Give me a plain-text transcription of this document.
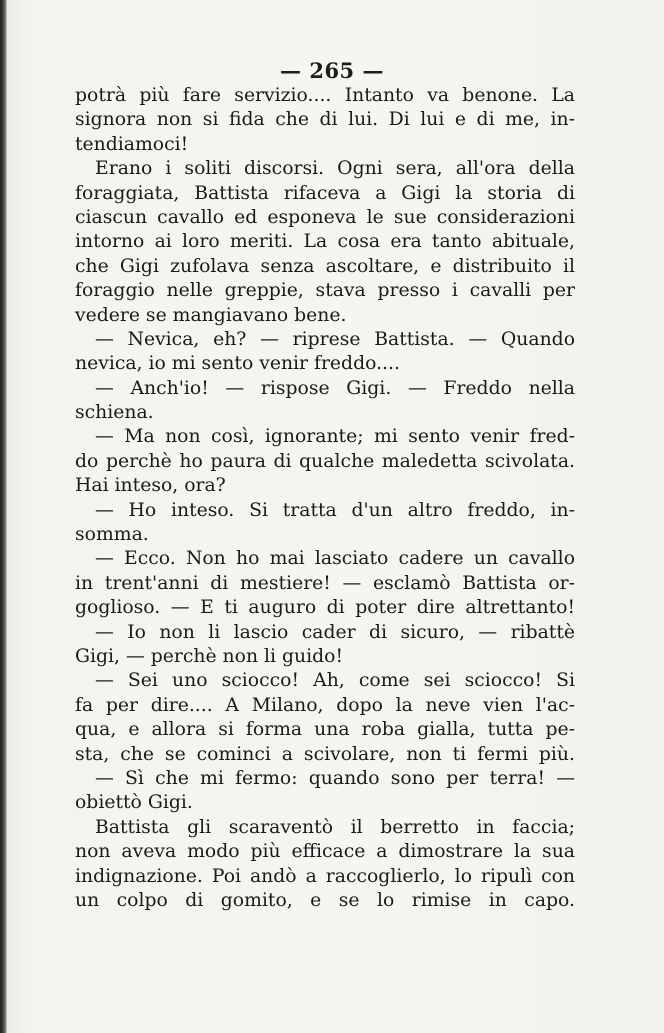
— 265 —
potrà più fare servizio.... Intanto va benone. La
signora non si fida che di lui. Di lui e di me, in-
tendiamoci!
Erano i soliti discorsi. Ogni sera, all'ora della
foraggiata, Battista rifaceva a Gigi la storia di
ciascun cavallo ed esponeva le sue considerazioni
intorno ai loro meriti. La cosa era tanto abituale,
che Gigi zufolava senza ascoltare, e distribuito il
foraggio nelle greppie, stava presso i cavalli per
vedere se mangiavano bene.
— Nevica, eh? — riprese Battista. — Quando
nevica, io mi sento venir freddo....
— Anch'io! — rispose Gigi. — Freddo nella
schiena.
— Ma non così, ignorante; mi sento venir fred-
do perchè ho paura di qualche maledetta scivolata.
Hai inteso, ora?
— Ho inteso. Si tratta d'un altro freddo, in-
somma.
— Ecco. Non ho mai lasciato cadere un cavallo
in trent'anni di mestiere! — esclamò Battista or-
goglioso. — E ti auguro di poter dire altrettanto!
— Io non li lascio cader di sicuro, — ribattè
Gigi, — perchè non li guido!
— Sei uno sciocco! Ah, come sei sciocco! Si
fa per dire.... A Milano, dopo la neve vien l'ac-
qua, e allora si forma una roba gialla, tutta pe-
sta, che se cominci a scivolare, non ti fermi più.
— Sì che mi fermo: quando sono per terra! —
obiettò Gigi.
Battista gli scaraventò il berretto in faccia;
non aveva modo più efficace a dimostrare la sua
indignazione. Poi andò a raccoglierlo, lo ripulì con
un colpo di gomito, e se lo rimise in capo.
